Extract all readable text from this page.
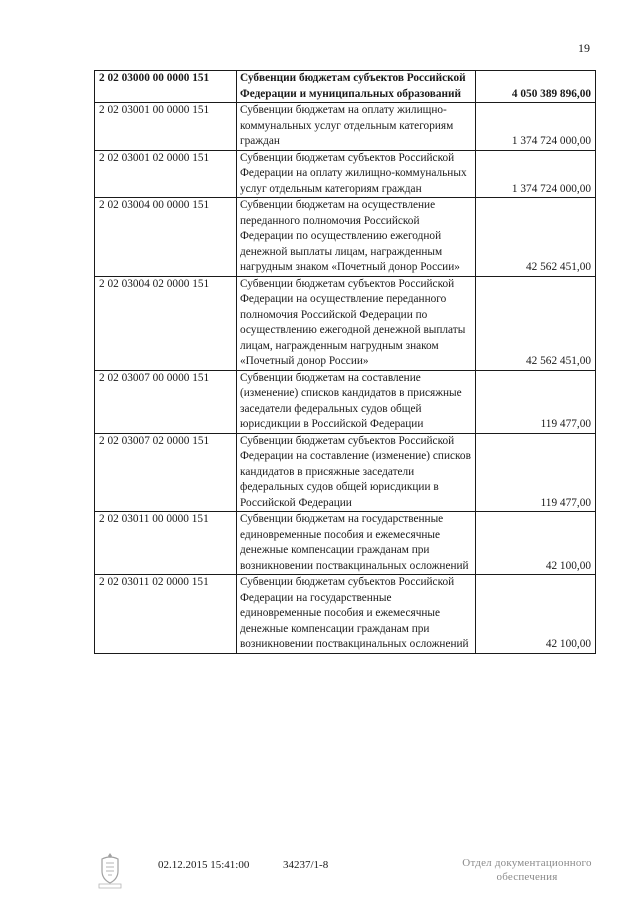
19
2 02 03000 00 0000 151	Субвенции бюджетам субъектов Российской Федерации и муниципальных образований	4 050 389 896,00
2 02 03001 00 0000 151	Субвенции бюджетам на оплату жилищно-коммунальных услуг отдельным категориям граждан	1 374 724 000,00
2 02 03001 02 0000 151	Субвенции бюджетам субъектов Российской Федерации на оплату жилищно-коммунальных услуг отдельным категориям граждан	1 374 724 000,00
2 02 03004 00 0000 151	Субвенции бюджетам на осуществление переданного полномочия Российской Федерации по осуществлению ежегодной денежной выплаты лицам, награжденным нагрудным знаком «Почетный донор России»	42 562 451,00
2 02 03004 02 0000 151	Субвенции бюджетам субъектов Российской Федерации на осуществление переданного полномочия Российской Федерации по осуществлению ежегодной денежной выплаты лицам, награжденным нагрудным знаком «Почетный донор России»	42 562 451,00
2 02 03007 00 0000 151	Субвенции бюджетам на составление (изменение) списков кандидатов в присяжные заседатели федеральных судов общей юрисдикции в Российской Федерации	119 477,00
2 02 03007 02 0000 151	Субвенции бюджетам субъектов Российской Федерации на составление (изменение) списков кандидатов в присяжные заседатели федеральных судов общей юрисдикции в Российской Федерации	119 477,00
2 02 03011 00 0000 151	Субвенции бюджетам на государственные единовременные пособия и ежемесячные денежные компенсации гражданам при возникновении поствакцинальных осложнений	42 100,00
2 02 03011 02 0000 151	Субвенции бюджетам субъектов Российской Федерации на государственные единовременные пособия и ежемесячные денежные компенсации гражданам при возникновении поствакцинальных осложнений	42 100,00
02.12.2015 15:41:00	34237/1-8	Отдел документационного
обеспечения
